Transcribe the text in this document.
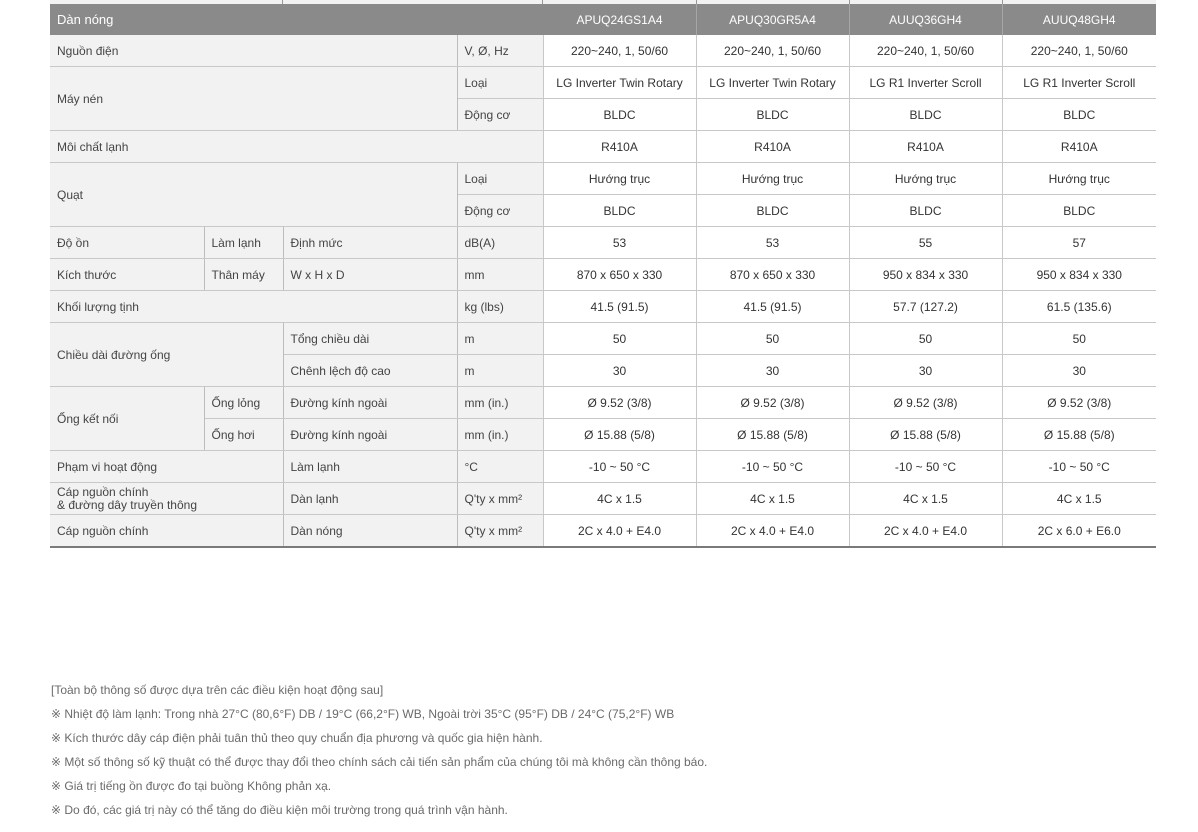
Dàn nóng				APUQ24GS1A4	APUQ30GR5A4	AUUQ36GH4	AUUQ48GH4
Nguồn điện			V, Ø, Hz	220~240, 1, 50/60	220~240, 1, 50/60	220~240, 1, 50/60	220~240, 1, 50/60
Máy nén			Loại	LG Inverter Twin Rotary	LG Inverter Twin Rotary	LG R1 Inverter Scroll	LG R1 Inverter Scroll
			Động cơ	BLDC	BLDC	BLDC	BLDC
Môi chất lạnh				R410A	R410A	R410A	R410A
Quạt			Loại	Hướng trục	Hướng trục	Hướng trục	Hướng trục
			Động cơ	BLDC	BLDC	BLDC	BLDC
Độ ồn	Làm lạnh	Định mức	dB(A)	53	53	55	57
Kích thước	Thân máy	W x H x D	mm	870 x 650 x 330	870 x 650 x 330	950 x 834 x 330	950 x 834 x 330
Khối lượng tịnh			kg (lbs)	41.5 (91.5)	41.5 (91.5)	57.7 (127.2)	61.5 (135.6)
Chiều dài đường ống		Tổng chiều dài	m	50	50	50	50
		Chênh lệch độ cao	m	30	30	30	30
Ống kết nối	Ống lỏng	Đường kính ngoài	mm (in.)	Ø 9.52 (3/8)	Ø 9.52 (3/8)	Ø 9.52 (3/8)	Ø 9.52 (3/8)
	Ống hơi	Đường kính ngoài	mm (in.)	Ø 15.88 (5/8)	Ø 15.88 (5/8)	Ø 15.88 (5/8)	Ø 15.88 (5/8)
Phạm vi hoạt động		Làm lạnh	°C	-10 ~ 50 °C	-10 ~ 50 °C	-10 ~ 50 °C	-10 ~ 50 °C

Cáp nguồn chính
& đường dây truyền thông		Dàn lạnh	Q'ty x mm²	4C x 1.5	4C x 1.5	4C x 1.5	4C x 1.5
Cáp nguồn chính		Dàn nóng	Q'ty x mm²	2C x 4.0 + E4.0	2C x 4.0 + E4.0	2C x 4.0 + E4.0	2C x 6.0 + E6.0
[Toàn bộ thông số được dựa trên các điều kiện hoạt động sau]
※ Nhiệt độ làm lạnh: Trong nhà 27°C (80,6°F) DB / 19°C (66,2°F) WB, Ngoài trời 35°C (95°F) DB / 24°C (75,2°F) WB
※ Kích thước dây cáp điện phải tuân thủ theo quy chuẩn địa phương và quốc gia hiện hành.
※ Một số thông số kỹ thuật có thể được thay đổi theo chính sách cải tiến sản phẩm của chúng tôi mà không cần thông báo.
※ Giá trị tiếng ồn được đo tại buồng Không phản xạ.
※ Do đó, các giá trị này có thể tăng do điều kiện môi trường trong quá trình vận hành.
